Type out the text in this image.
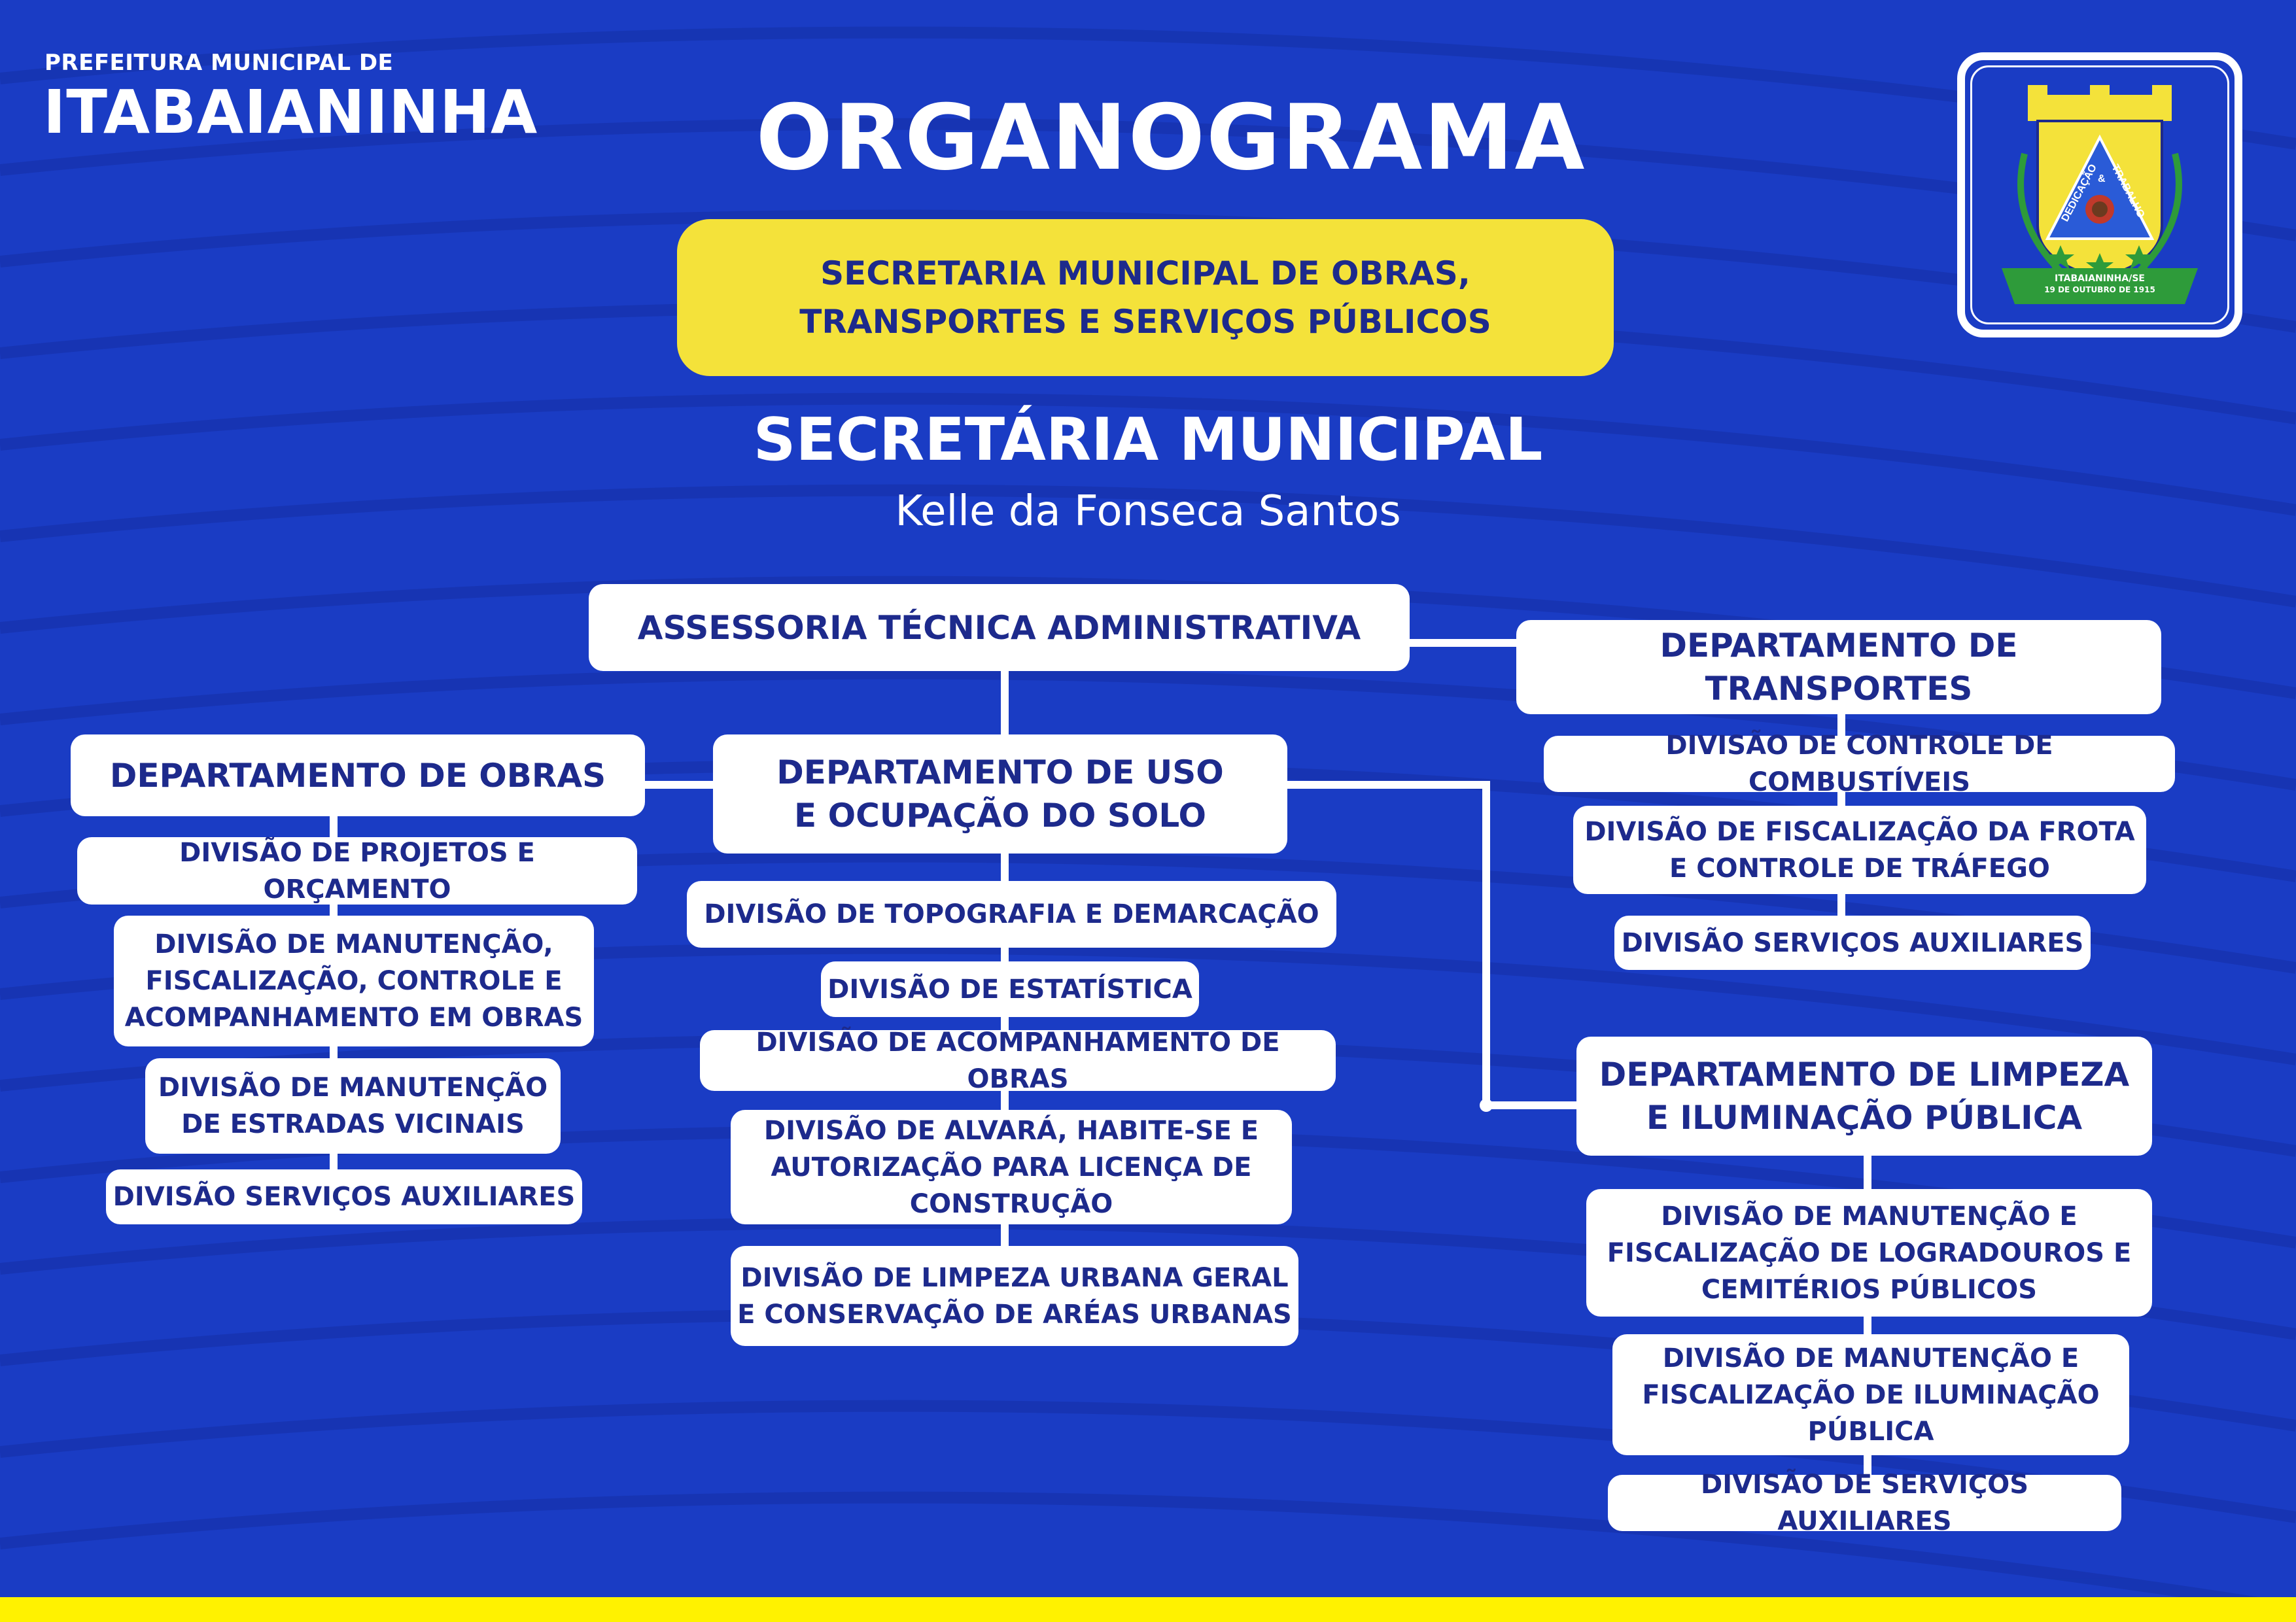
PREFEITURA MUNICIPAL DE
ITABAIANINHA	ORGANOGRAMA
SECRETARIA MUNICIPAL DE OBRAS,
TRANSPORTES E SERVIÇOS PÚBLICOS
SECRETÁRIA MUNICIPAL
Kelle da Fonseca Santos
ASSESSORIA TÉCNICA ADMINISTRATIVA
DEPARTAMENTO DE OBRAS
DIVISÃO DE PROJETOS E ORÇAMENTO
DIVISÃO DE MANUTENÇÃO,
FISCALIZAÇÃO, CONTROLE E
ACOMPANHAMENTO EM OBRAS
DIVISÃO DE MANUTENÇÃO
DE ESTRADAS VICINAIS
DIVISÃO SERVIÇOS AUXILIARES
DEPARTAMENTO DE USO
E OCUPAÇÃO DO SOLO
DIVISÃO DE TOPOGRAFIA E DEMARCAÇÃO
DIVISÃO DE ESTATÍSTICA
DIVISÃO DE ACOMPANHAMENTO DE OBRAS
DIVISÃO DE ALVARÁ, HABITE-SE E
AUTORIZAÇÃO PARA LICENÇA DE
CONSTRUÇÃO
DIVISÃO DE LIMPEZA URBANA GERAL
E CONSERVAÇÃO DE ARÉAS URBANAS
DEPARTAMENTO DE TRANSPORTES
DIVISÃO DE CONTROLE DE COMBUSTÍVEIS
DIVISÃO DE FISCALIZAÇÃO DA FROTA
E CONTROLE DE TRÁFEGO
DIVISÃO SERVIÇOS AUXILIARES
DEPARTAMENTO DE LIMPEZA
E ILUMINAÇÃO PÚBLICA
DIVISÃO DE MANUTENÇÃO E
FISCALIZAÇÃO DE LOGRADOUROS E
CEMITÉRIOS PÚBLICOS
DIVISÃO DE MANUTENÇÃO E
FISCALIZAÇÃO DE ILUMINAÇÃO
PÚBLICA
DIVISÃO DE SERVIÇOS AUXILIARES
ITABAIANINHA/SE
19 DE OUTUBRO DE 1915
DEDICAÇÃO
& TRABALHO
